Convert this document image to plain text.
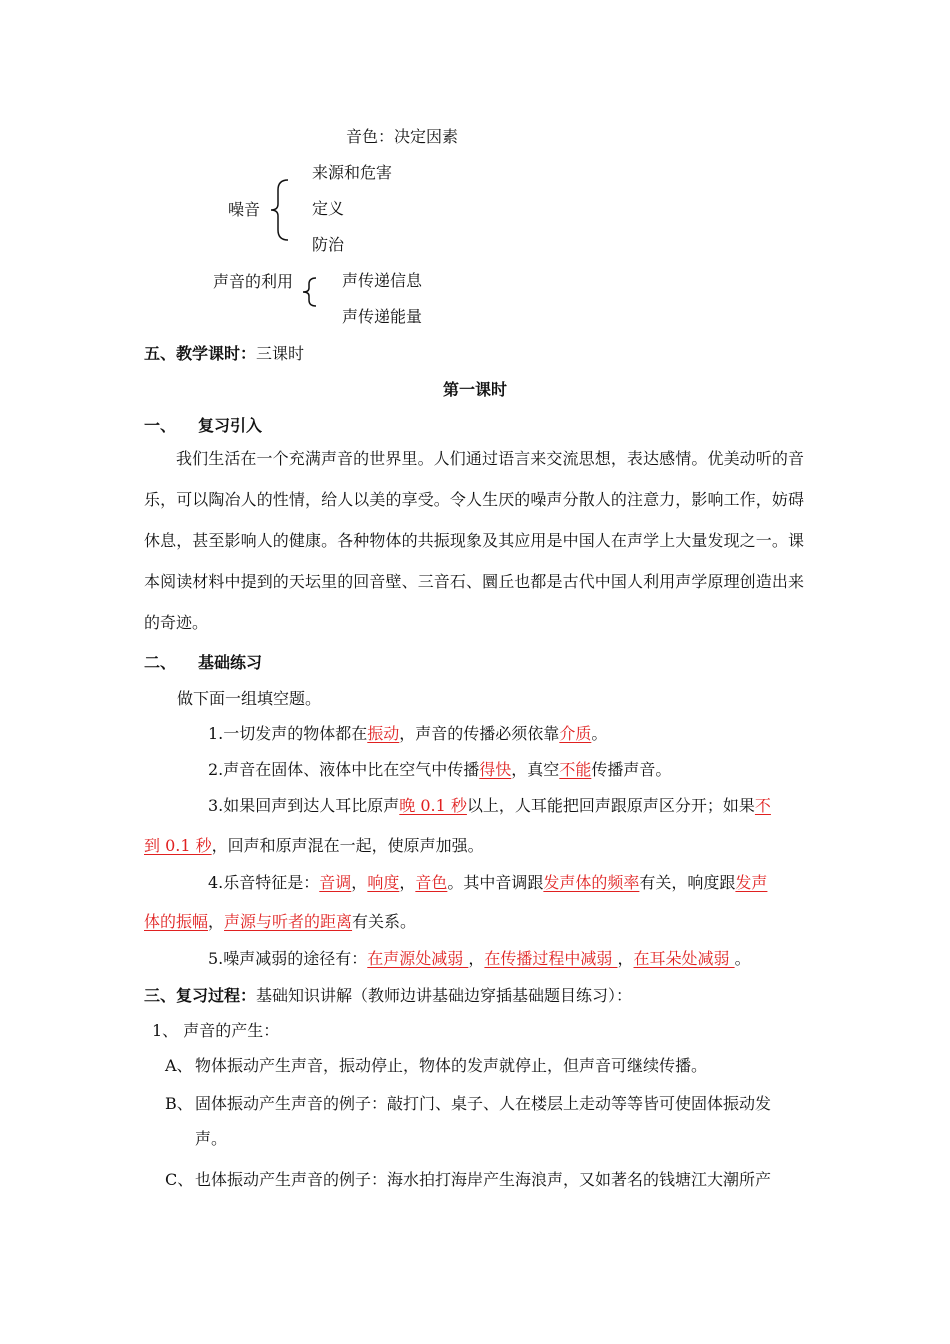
音色：决定因素
噪音
来源和危害
定义
防治
声音的利用	声传递信息
声传递能量
五、教学课时：三课时
第一课时
一、 复习引入
我们生活在一个充满声音的世界里。人们通过语言来交流思想，表达感情。优美动听的音乐，可以陶冶人的性情，给人以美的享受。令人生厌的噪声分散人的注意力，影响工作，妨碍休息，甚至影响人的健康。各种物体的共振现象及其应用是中国人在声学上大量发现之一。课本阅读材料中提到的天坛里的回音壁、三音石、圜丘也都是古代中国人利用声学原理创造出来的奇迹。
二、 基础练习
做下面一组填空题。
1.一切发声的物体都在振动，声音的传播必须依靠介质。
2.声音在固体、液体中比在空气中传播得快，真空不能传播声音。
3.如果回声到达人耳比原声晚 0.1 秒以上，人耳能把回声跟原声区分开；如果不
到 0.1 秒，回声和原声混在一起，使原声加强。
4.乐音特征是：音调，响度，音色。其中音调跟发声体的频率有关，响度跟发声
体的振幅，声源与听者的距离有关系。
5.噪声减弱的途径有：在声源处减弱 ，在传播过程中减弱 ，在耳朵处减弱 。
三、复习过程：基础知识讲解（教师边讲基础边穿插基础题目练习）：
1、 声音的产生：
A、 物体振动产生声音，振动停止，物体的发声就停止，但声音可继续传播。
B、 固体振动产生声音的例子：敲打门、桌子、人在楼层上走动等等皆可使固体振动发
声。
C、 也体振动产生声音的例子：海水拍打海岸产生海浪声，又如著名的钱塘江大潮所产
